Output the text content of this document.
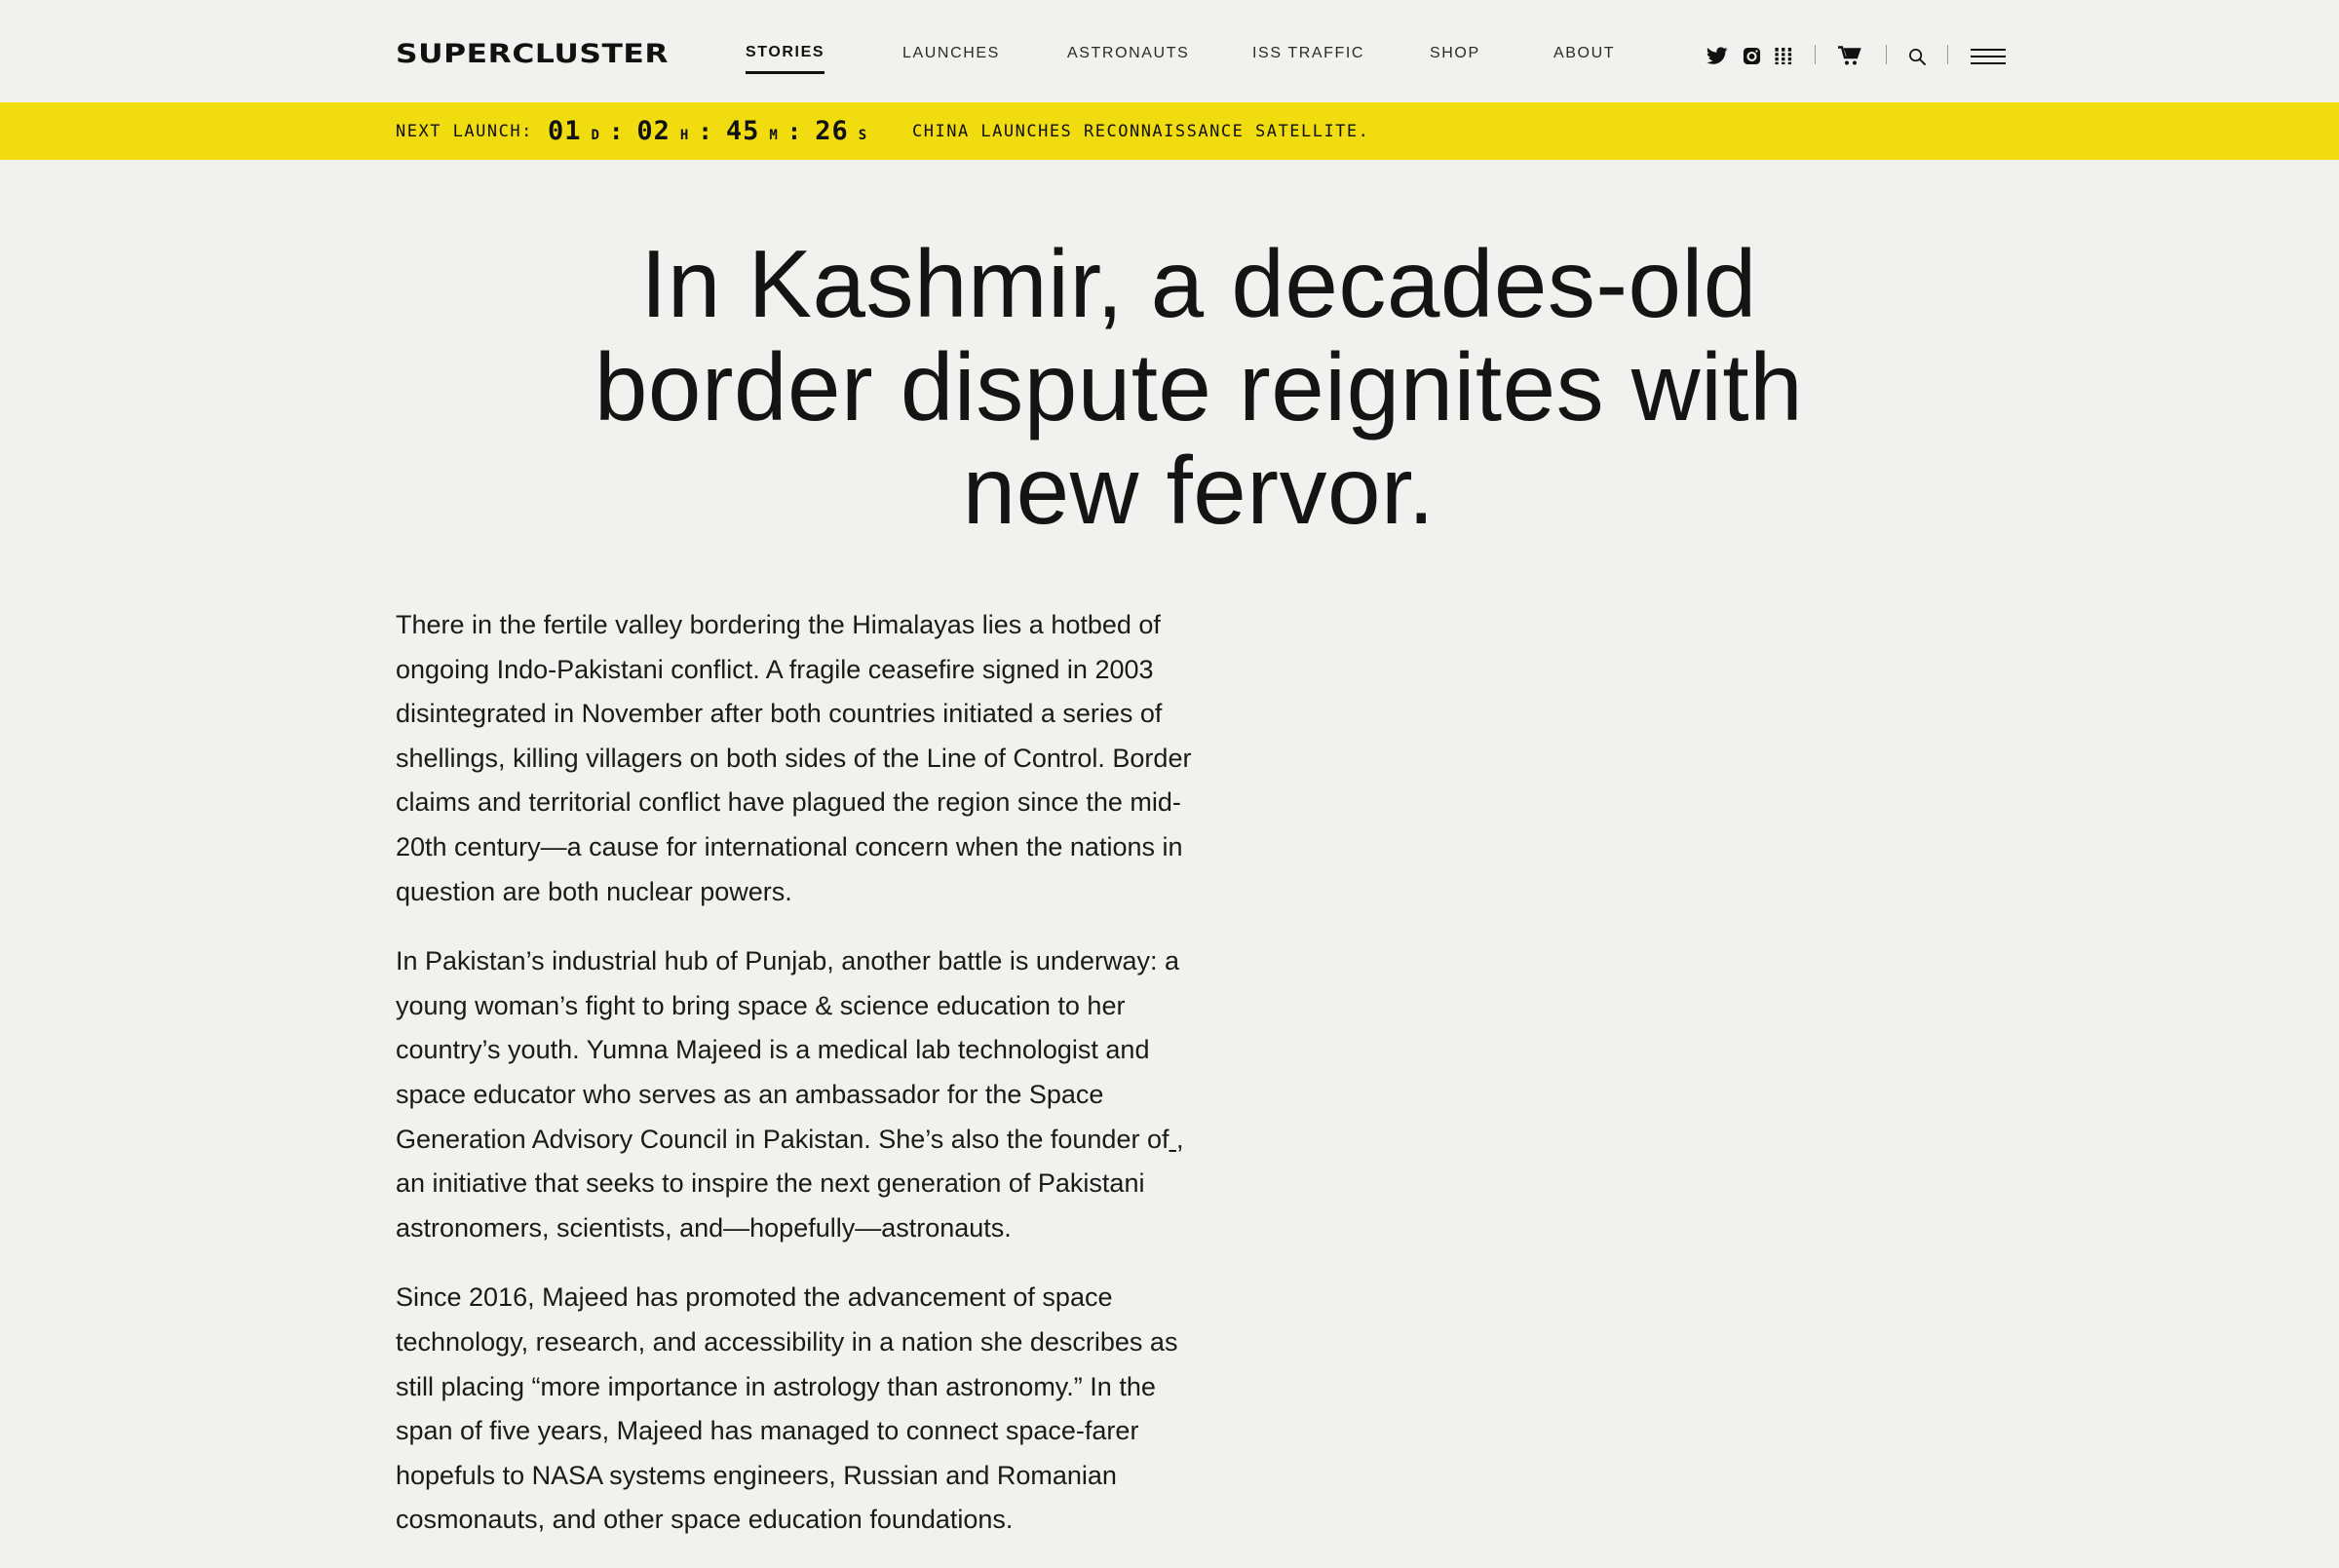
SUPERCLUSTER	STORIES	LAUNCHES	ASTRONAUTS	ISS TRAFFIC	SHOP	ABOUT
NEXT LAUNCH: 01 D : 02 H : 45 M : 26 S	CHINA LAUNCHES RECONNAISSANCE SATELLITE.
In Kashmir, a decades-old border dispute reignites with new fervor.

There in the fertile valley bordering the Himalayas lies a hotbed of ongoing Indo-Pakistani conflict. A fragile ceasefire signed in 2003 disintegrated in November after both countries initiated a series of shellings, killing villagers on both sides of the Line of Control. Border claims and territorial conflict have plagued the region since the mid-20th century—a cause for international concern when the nations in question are both nuclear powers.

In Pakistan’s industrial hub of Punjab, another battle is underway: a young woman’s fight to bring space & science education to her country’s youth. Yumna Majeed is a medical lab technologist and space educator who serves as an ambassador for the Space Generation Advisory Council in Pakistan. She’s also the founder of , an initiative that seeks to inspire the next generation of Pakistani astronomers, scientists, and—hopefully—astronauts.

Since 2016, Majeed has promoted the advancement of space technology, research, and accessibility in a nation she describes as still placing “more importance in astrology than astronomy.” In the span of five years, Majeed has managed to connect space-farer hopefuls to NASA systems engineers, Russian and Romanian cosmonauts, and other space education foundations.
